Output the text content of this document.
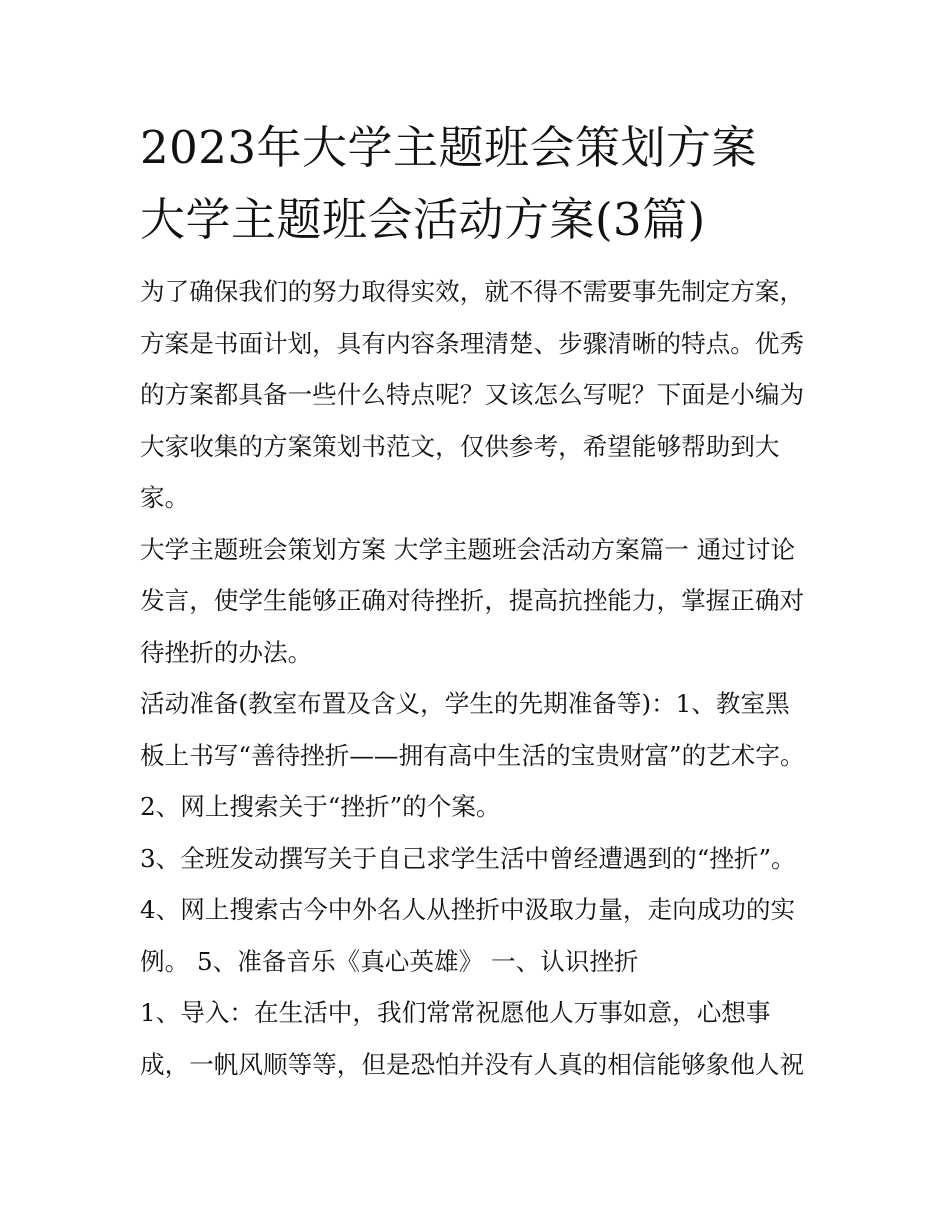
2023年大学主题班会策划方案
大学主题班会活动方案(3篇)

为了确保我们的努力取得实效，就不得不需要事先制定方案，
方案是书面计划，具有内容条理清楚、步骤清晰的特点。优秀
的方案都具备一些什么特点呢？又该怎么写呢？下面是小编为
大家收集的方案策划书范文，仅供参考，希望能够帮助到大
家。

大学主题班会策划方案 大学主题班会活动方案篇一 通过讨论
发言，使学生能够正确对待挫折，提高抗挫能力，掌握正确对
待挫折的办法。

活动准备(教室布置及含义，学生的先期准备等)：1、教室黑
板上书写“善待挫折——拥有高中生活的宝贵财富”的艺术字。

2、网上搜索关于“挫折”的个案。

3、全班发动撰写关于自己求学生活中曾经遭遇到的“挫折”。

4、网上搜索古今中外名人从挫折中汲取力量，走向成功的实
例。 5、准备音乐《真心英雄》 一、认识挫折

1、导入：在生活中，我们常常祝愿他人万事如意，心想事
成，一帆风顺等等，但是恐怕并没有人真的相信能够象他人祝
